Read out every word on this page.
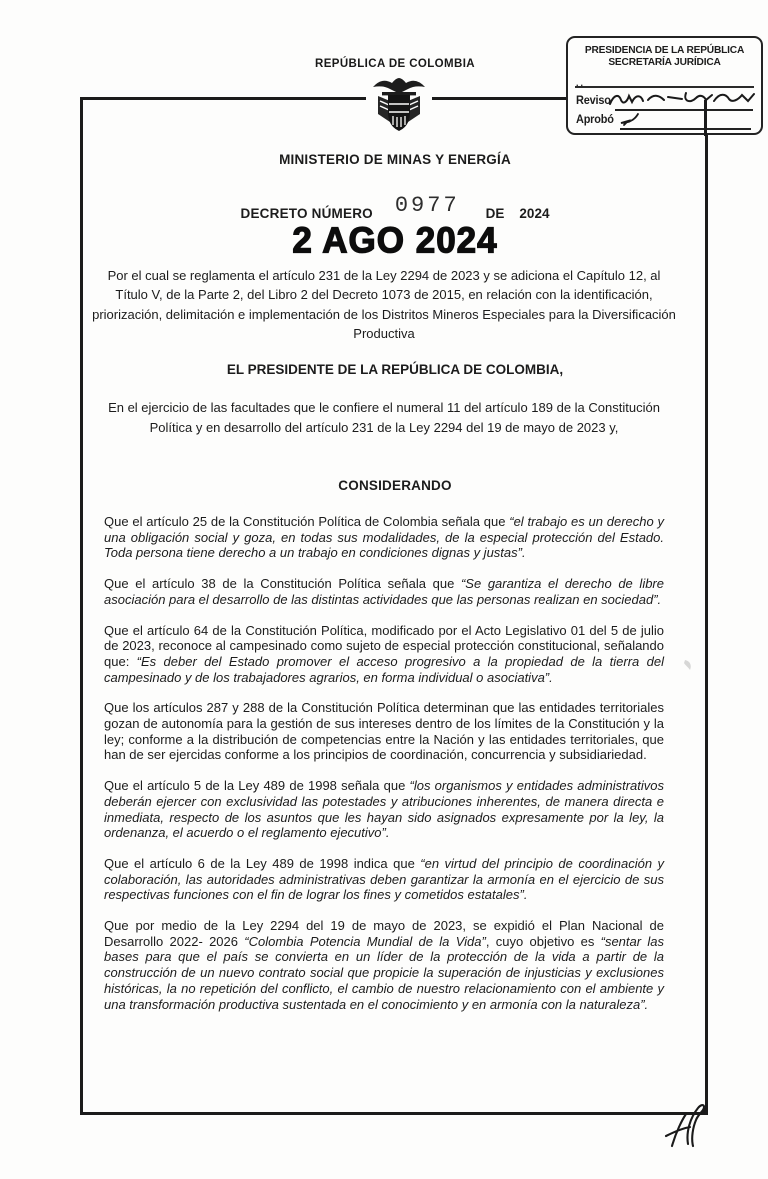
REPÚBLICA DE COLOMBIA
PRESIDENCIA DE LA REPÚBLICA
SECRETARÍA JURÍDICA
..
Reviso
Aprobó
MINISTERIO DE MINAS Y ENERGÍA
DECRETO NÚMERO 0977 DE 2024
2 AGO 2024
Por el cual se reglamenta el artículo 231 de la Ley 2294 de 2023 y se adiciona el Capítulo 12, al Título V, de la Parte 2, del Libro 2 del Decreto 1073 de 2015, en relación con la identificación, priorización, delimitación e implementación de los Distritos Mineros Especiales para la Diversificación Productiva
EL PRESIDENTE DE LA REPÚBLICA DE COLOMBIA,
En el ejercicio de las facultades que le confiere el numeral 11 del artículo 189 de la Constitución Política y en desarrollo del artículo 231 de la Ley 2294 del 19 de mayo de 2023 y,
CONSIDERANDO

Que el artículo 25 de la Constitución Política de Colombia señala que “el trabajo es un derecho y una obligación social y goza, en todas sus modalidades, de la especial protección del Estado. Toda persona tiene derecho a un trabajo en condiciones dignas y justas”.

Que el artículo 38 de la Constitución Política señala que “Se garantiza el derecho de libre asociación para el desarrollo de las distintas actividades que las personas realizan en sociedad”.

Que el artículo 64 de la Constitución Política, modificado por el Acto Legislativo 01 del 5 de julio de 2023, reconoce al campesinado como sujeto de especial protección constitucional, señalando que: “Es deber del Estado promover el acceso progresivo a la propiedad de la tierra del campesinado y de los trabajadores agrarios, en forma individual o asociativa”.

Que los artículos 287 y 288 de la Constitución Política determinan que las entidades territoriales gozan de autonomía para la gestión de sus intereses dentro de los límites de la Constitución y la ley; conforme a la distribución de competencias entre la Nación y las entidades territoriales, que han de ser ejercidas conforme a los principios de coordinación, concurrencia y subsidiariedad.

Que el artículo 5 de la Ley 489 de 1998 señala que “los organismos y entidades administrativos deberán ejercer con exclusividad las potestades y atribuciones inherentes, de manera directa e inmediata, respecto de los asuntos que les hayan sido asignados expresamente por la ley, la ordenanza, el acuerdo o el reglamento ejecutivo”.

Que el artículo 6 de la Ley 489 de 1998 indica que “en virtud del principio de coordinación y colaboración, las autoridades administrativas deben garantizar la armonía en el ejercicio de sus respectivas funciones con el fin de lograr los fines y cometidos estatales”.

Que por medio de la Ley 2294 del 19 de mayo de 2023, se expidió el Plan Nacional de Desarrollo 2022- 2026 “Colombia Potencia Mundial de la Vida”, cuyo objetivo es “sentar las bases para que el país se convierta en un líder de la protección de la vida a partir de la construcción de un nuevo contrato social que propicie la superación de injusticias y exclusiones históricas, la no repetición del conflicto, el cambio de nuestro relacionamiento con el ambiente y una transformación productiva sustentada en el conocimiento y en armonía con la naturaleza”.
